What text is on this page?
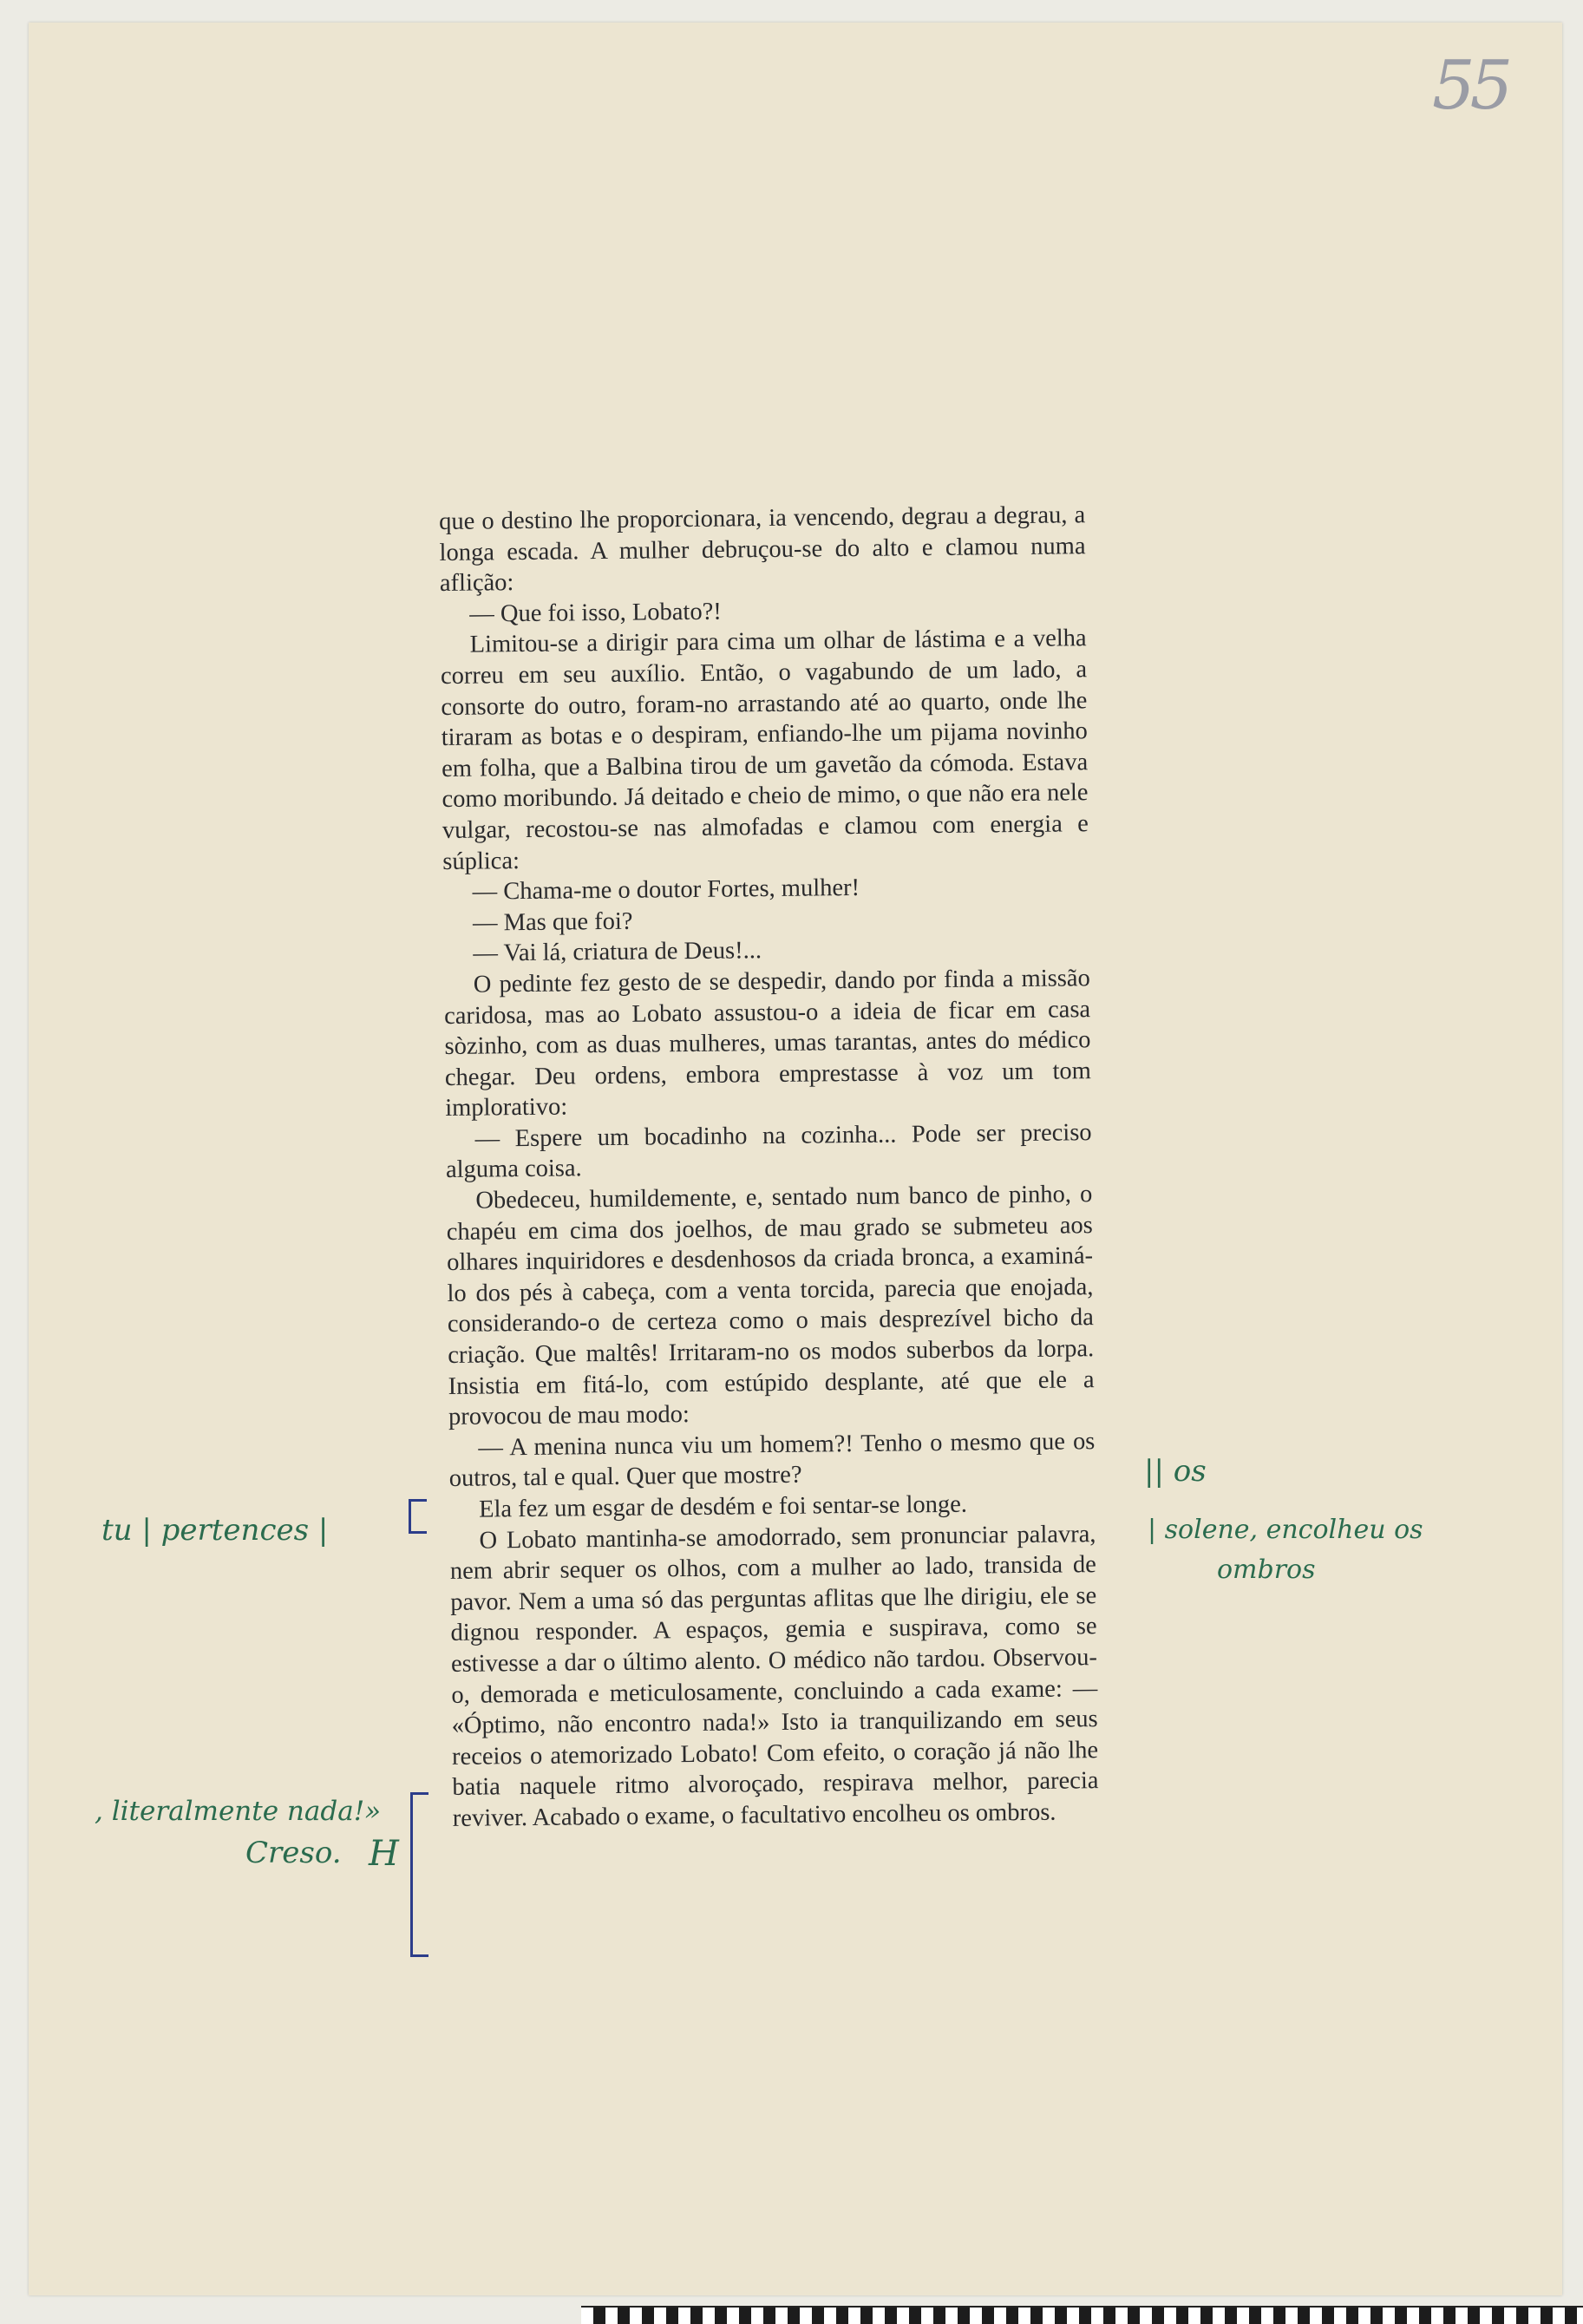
55

que o destino lhe proporcionara, ia vencendo, degrau a degrau, a longa escada. A mulher debruçou-se do alto e clamou numa aflição:

— Que foi isso, Lobato?!

Limitou-se a dirigir para cima um olhar de lástima e a velha correu em seu auxílio. Então, o vagabundo de um lado, a consorte do outro, foram-no arrastando até ao quarto, onde lhe tiraram as botas e o despiram, enfiando-lhe um pijama novinho em folha, que a Balbina tirou de um gavetão da cómoda. Estava como moribundo. Já deitado e cheio de mimo, o que não era nele vulgar, recostou-se nas almofadas e clamou com energia e súplica:

— Chama-me o doutor Fortes, mulher!

— Mas que foi?

— Vai lá, criatura de Deus!...

O pedinte fez gesto de se despedir, dando por finda a missão caridosa, mas ao Lobato assustou-o a ideia de ficar em casa sòzinho, com as duas mulheres, umas tarantas, antes do médico chegar. Deu ordens, embora emprestasse à voz um tom implorativo:

— Espere um bocadinho na cozinha... Pode ser preciso alguma coisa.

Obedeceu, humildemente, e, sentado num banco de pinho, o chapéu em cima dos joelhos, de mau grado se submeteu aos olhares inquiridores e desdenhosos da criada bronca, a examiná-lo dos pés à cabeça, com a venta torcida, parecia que enojada, considerando-o de certeza como o mais desprezível bicho da criação. Que maltês! Irritaram-no os modos suberbos da lorpa. Insistia em fitá-lo, com estúpido desplante, até que ele a provocou de mau modo:

— A menina nunca viu um homem?! Tenho o mesmo que os outros, tal e qual. Quer que mostre?

Ela fez um esgar de desdém e foi sentar-se longe.

O Lobato mantinha-se amodorrado, sem pronunciar palavra, nem abrir sequer os olhos, com a mulher ao lado, transida de pavor. Nem a uma só das perguntas aflitas que lhe dirigiu, ele se dignou responder. A espaços, gemia e suspirava, como se estivesse a dar o último alento. O médico não tardou. Observou-o, demorada e meticulosamente, concluindo a cada exame: — «Óptimo, não encontro nada!» Isto ia tranquilizando em seus receios o atemorizado Lobato! Com efeito, o coração já não lhe batia naquele ritmo alvoroçado, respirava melhor, parecia reviver. Acabado o exame, o facultativo encolheu os ombros.

tu | pertences |
, literalmente nada!»
Creso. H
|| os
| solene, encolheu os
ombros
